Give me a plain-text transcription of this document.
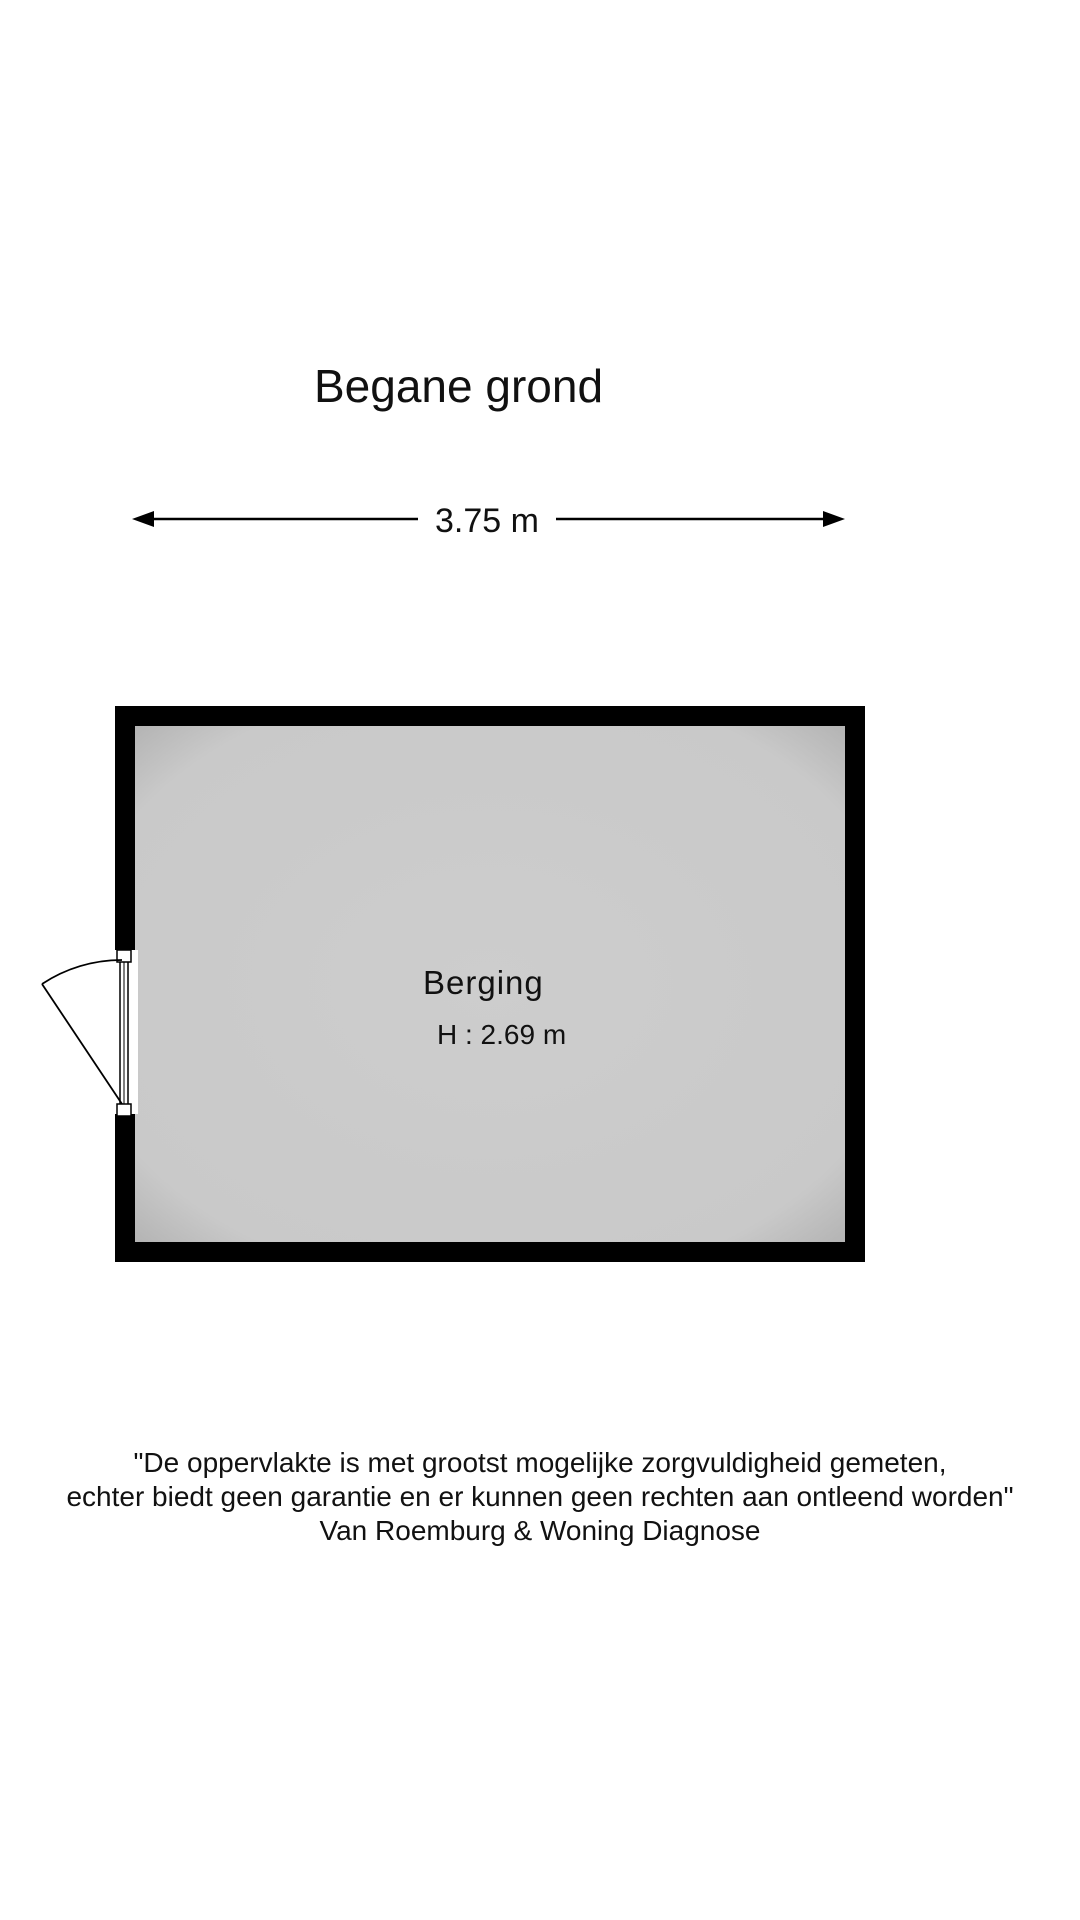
Begane grond
3.75 m
Berging
H : 2.69 m
"De oppervlakte is met grootst mogelijke zorgvuldigheid gemeten,
echter biedt geen garantie en er kunnen geen rechten aan ontleend worden"
Van Roemburg & Woning Diagnose
